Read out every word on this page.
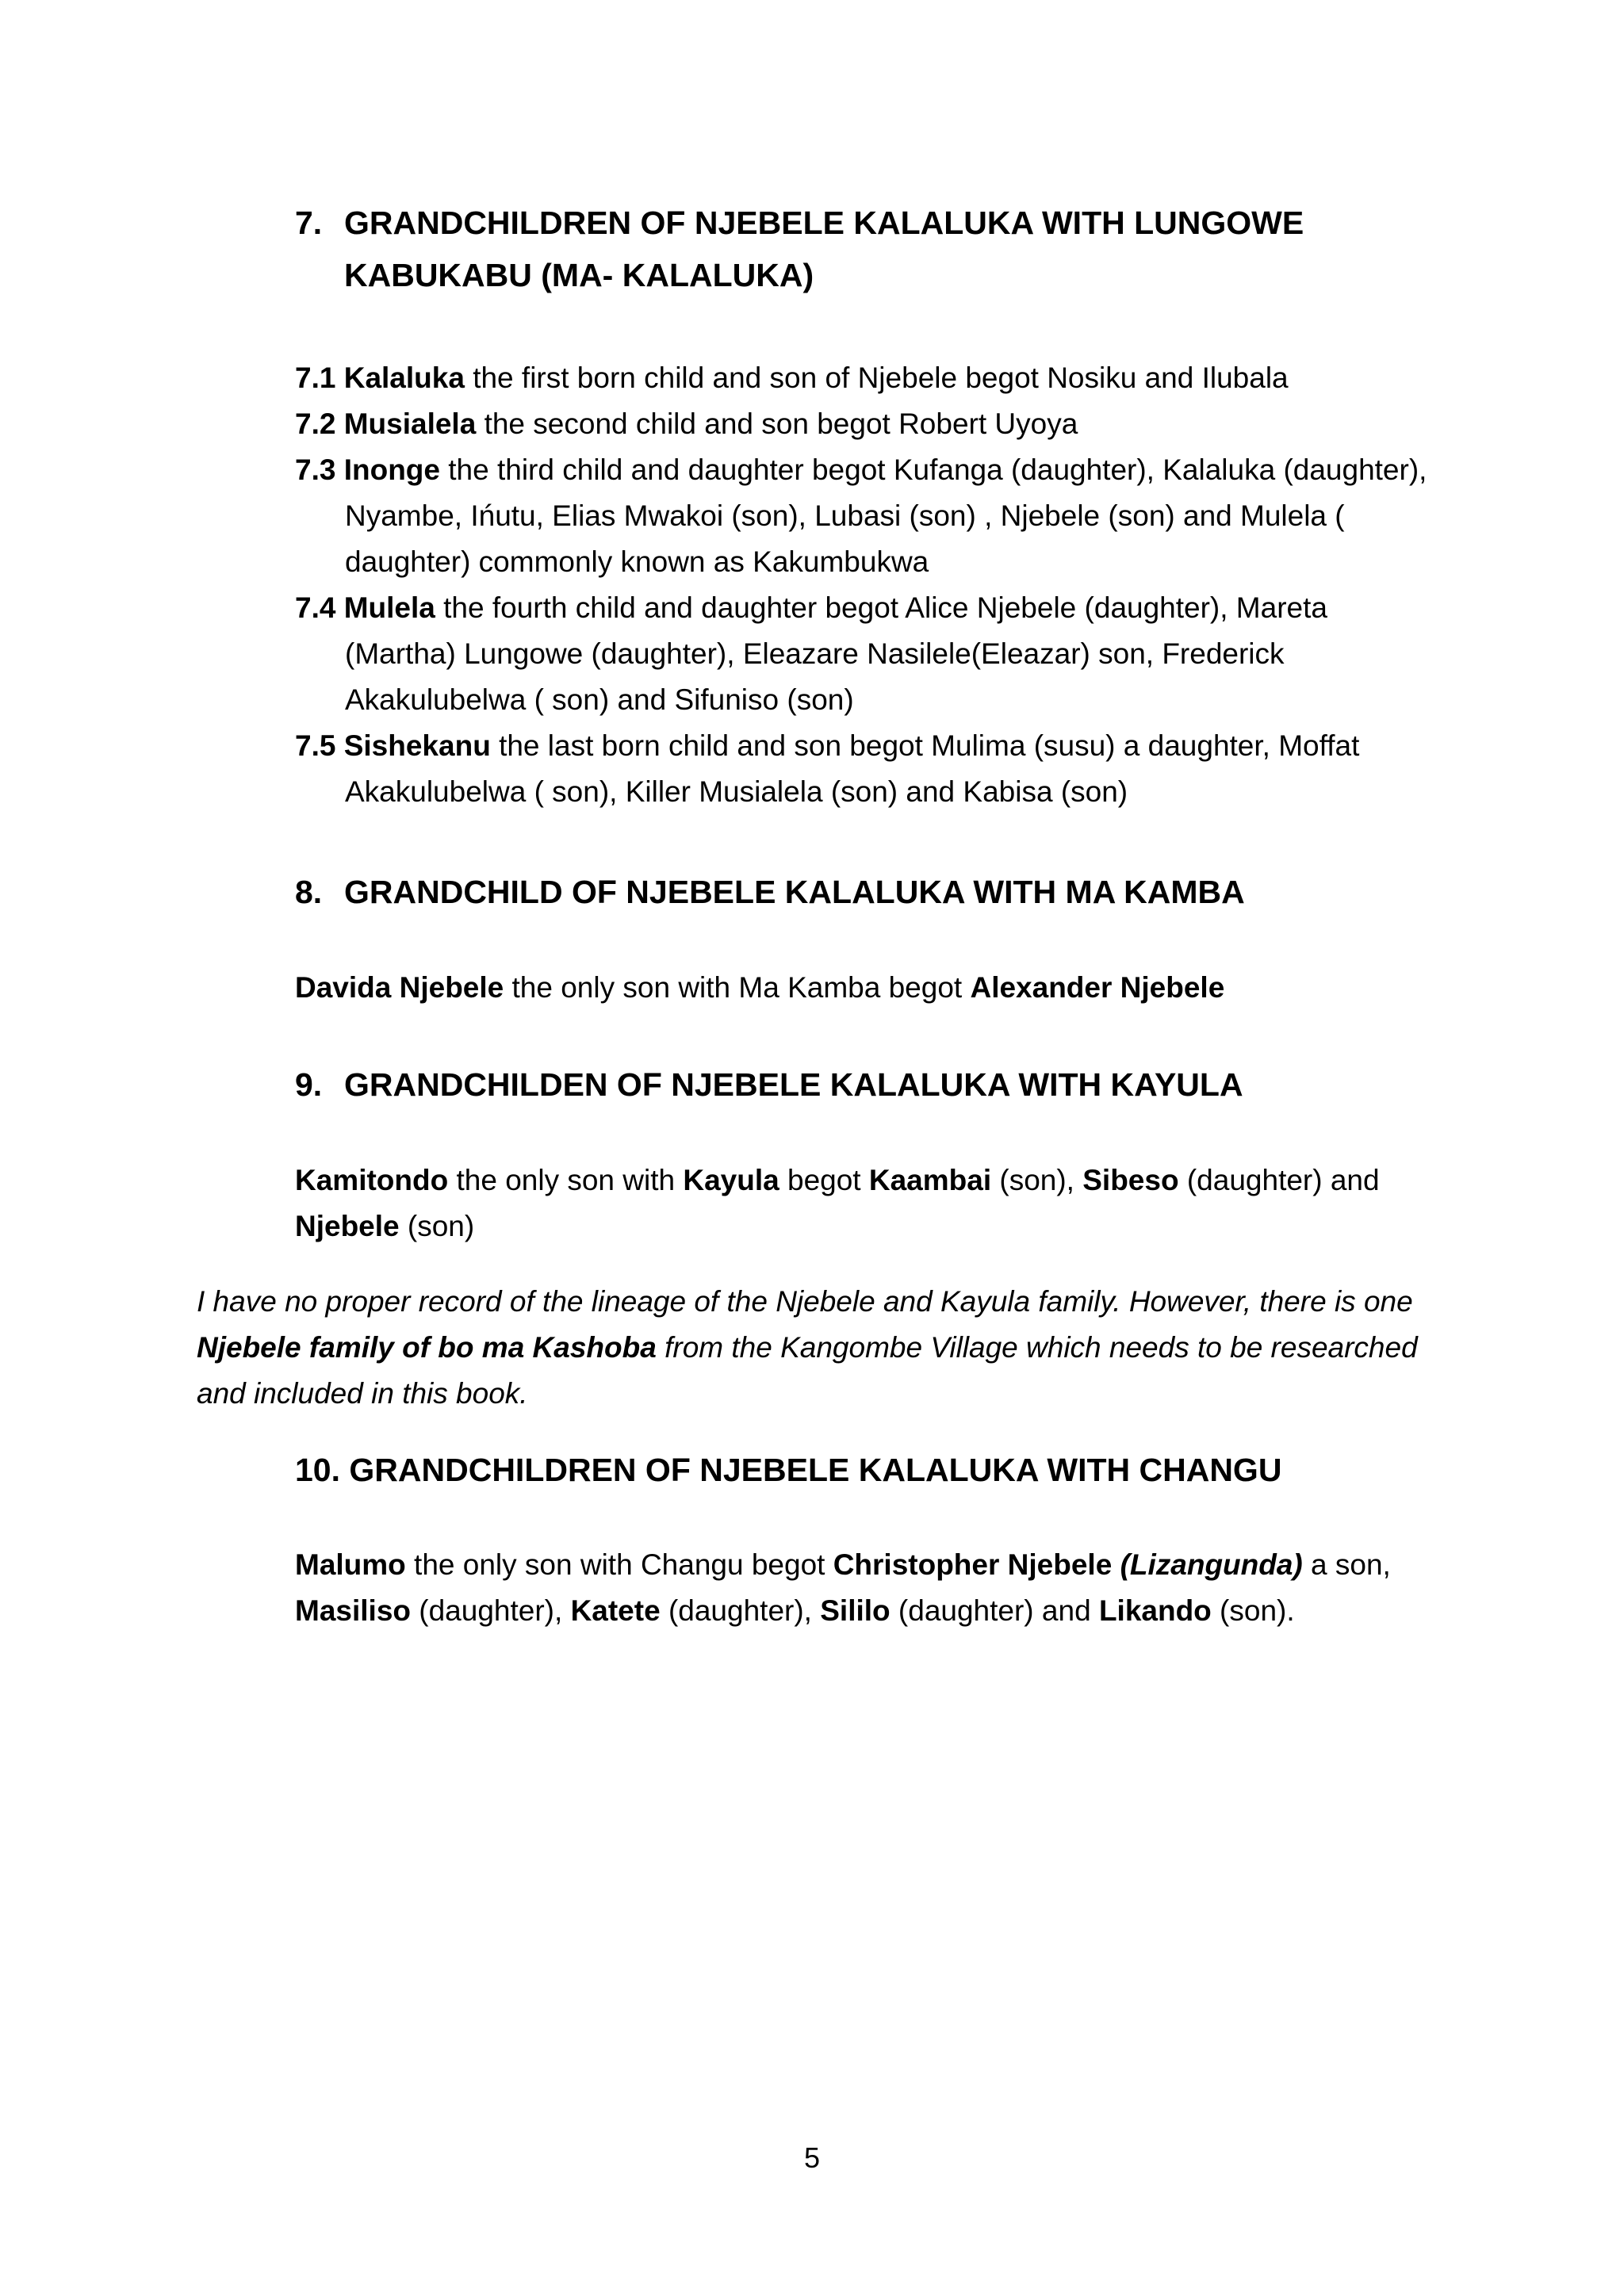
7. GRANDCHILDREN OF NJEBELE KALALUKA WITH LUNGOWE
KABUKABU (MA- KALALUKA)
7.1 Kalaluka the first born child and son of Njebele begot Nosiku and Ilubala
7.2 Musialela the second child and son begot Robert Uyoya
7.3 Inonge the third child and daughter begot Kufanga (daughter), Kalaluka (daughter), Nyambe, Ińutu, Elias Mwakoi (son), Lubasi (son) , Njebele (son) and Mulela ( daughter) commonly known as Kakumbukwa
7.4 Mulela the fourth child and daughter begot Alice Njebele (daughter), Mareta (Martha) Lungowe (daughter), Eleazare Nasilele(Eleazar) son, Frederick Akakulubelwa ( son) and Sifuniso (son)
7.5 Sishekanu the last born child and son begot Mulima (susu) a daughter, Moffat Akakulubelwa ( son), Killer Musialela (son) and Kabisa (son)
8. GRANDCHILD OF NJEBELE KALALUKA WITH MA KAMBA
Davida Njebele the only son with Ma Kamba begot Alexander Njebele
9. GRANDCHILDEN OF NJEBELE KALALUKA WITH KAYULA
Kamitondo the only son with Kayula begot Kaambai (son), Sibeso (daughter) and Njebele (son)
I have no proper record of the lineage of the Njebele and Kayula family. However, there is one Njebele family of bo ma Kashoba from the Kangombe Village which needs to be researched and included in this book.
10. GRANDCHILDREN OF NJEBELE KALALUKA WITH CHANGU
Malumo the only son with Changu begot Christopher Njebele (Lizangunda) a son, Masiliso (daughter), Katete (daughter), Sililo (daughter) and Likando (son).
5
